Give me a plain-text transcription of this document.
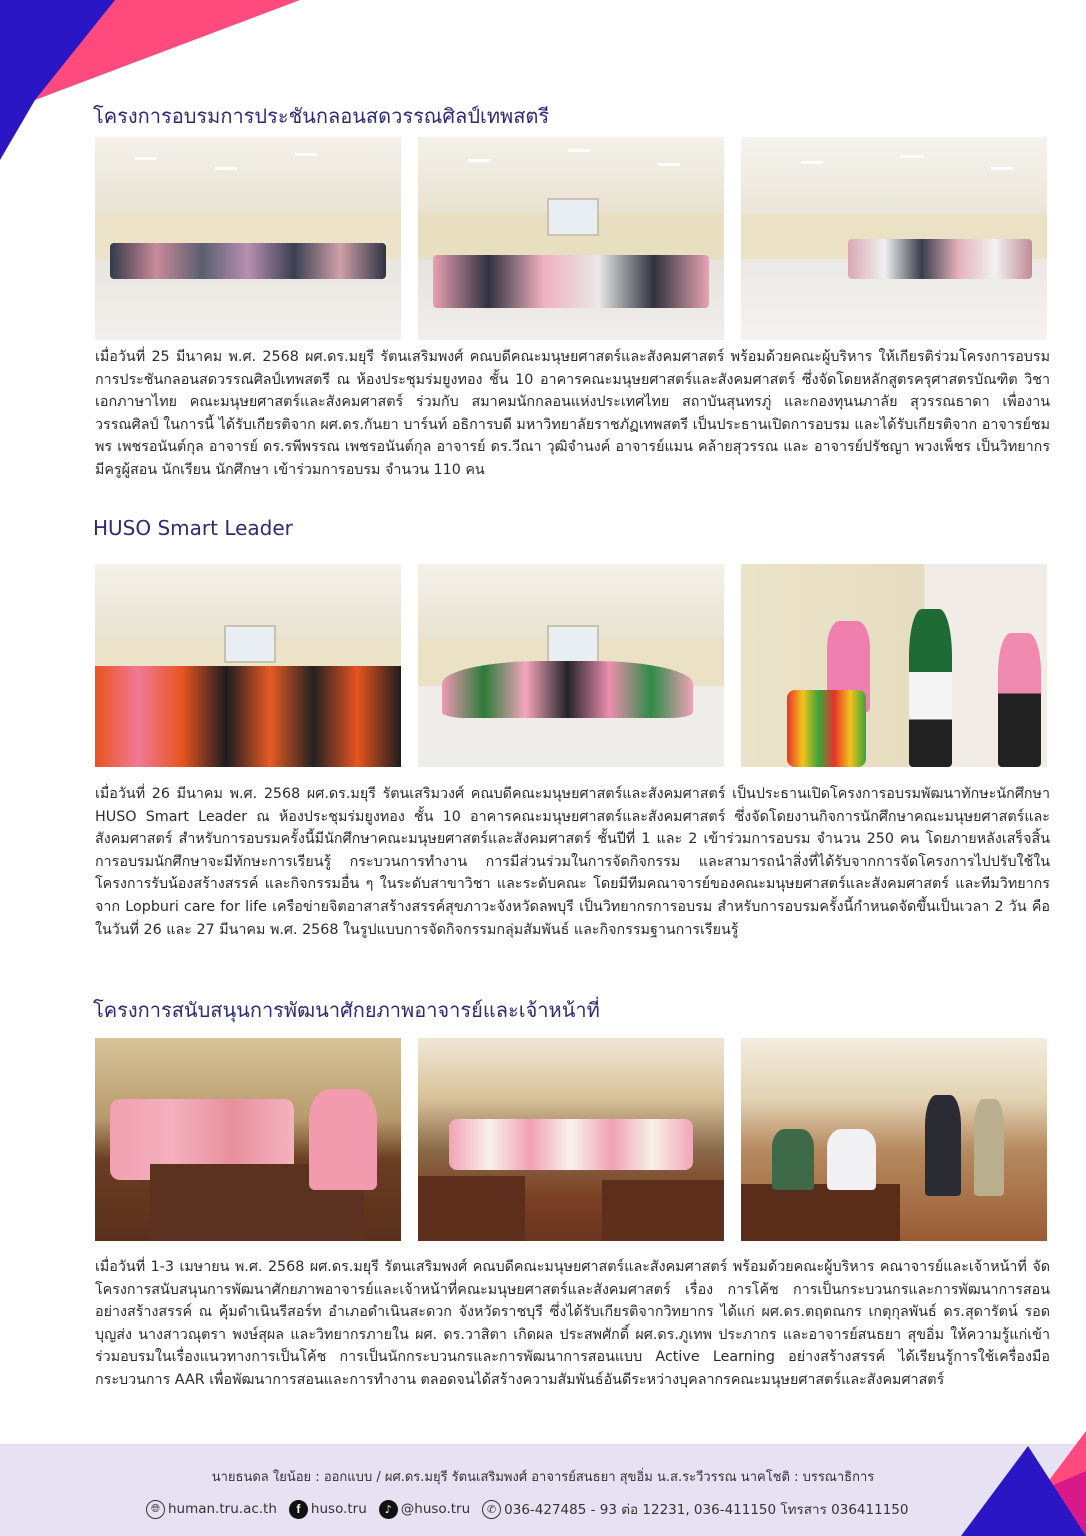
โครงการอบรมการประชันกลอนสดวรรณศิลป์เทพสตรี

เมื่อวันที่ 25 มีนาคม พ.ศ. 2568 ผศ.ดร.มยุรี รัตนเสริมพงศ์ คณบดีคณะมนุษยศาสตร์และสังคมศาสตร์ พร้อมด้วยคณะผู้บริหาร ให้เกียรติร่วมโครงการอบรมการประชันกลอนสดวรรณศิลป์เทพสตรี ณ ห้องประชุมร่มยูงทอง ชั้น 10 อาคารคณะมนุษยศาสตร์และสังคมศาสตร์ ซึ่งจัดโดยหลักสูตรครุศาสตรบัณฑิต วิชาเอกภาษาไทย คณะมนุษยศาสตร์และสังคมศาสตร์ ร่วมกับ สมาคมนักกลอนแห่งประเทศไทย สถาบันสุนทรภู่ และกองทุนนภาลัย สุวรรณธาดา เพื่องานวรรณศิลป์ ในการนี้ ได้รับเกียรติจาก ผศ.ดร.กันยา บาร์นท์ อธิการบดี มหาวิทยาลัยราชภัฏเทพสตรี เป็นประธานเปิดการอบรม และได้รับเกียรติจาก อาจารย์ชมพร เพชรอนันต์กุล อาจารย์ ดร.รพีพรรณ เพชรอนันต์กุล อาจารย์ ดร.วีณา วุฒิจำนงค์ อาจารย์แมน คล้ายสุวรรณ และ อาจารย์ปรัชญา พวงเพ็ชร เป็นวิทยากร มีครูผู้สอน นักเรียน นักศึกษา เข้าร่วมการอบรม จำนวน 110 คน

HUSO Smart Leader

เมื่อวันที่ 26 มีนาคม พ.ศ. 2568 ผศ.ดร.มยุรี รัตนเสริมวงศ์ คณบดีคณะมนุษยศาสตร์และสังคมศาสตร์ เป็นประธานเปิดโครงการอบรมพัฒนาทักษะนักศึกษา HUSO Smart Leader ณ ห้องประชุมร่มยูงทอง ชั้น 10 อาคารคณะมนุษยศาสตร์และสังคมศาสตร์ ซึ่งจัดโดยงานกิจการนักศึกษาคณะมนุษยศาสตร์และสังคมศาสตร์ สำหรับการอบรมครั้งนี้มีนักศึกษาคณะมนุษยศาสตร์และสังคมศาสตร์ ชั้นปีที่ 1 และ 2 เข้าร่วมการอบรม จำนวน 250 คน โดยภายหลังเสร็จสิ้นการอบรมนักศึกษาจะมีทักษะการเรียนรู้ กระบวนการทำงาน การมีส่วนร่วมในการจัดกิจกรรม และสามารถนำสิ่งที่ได้รับจากการจัดโครงการไปปรับใช้ในโครงการรับน้องสร้างสรรค์ และกิจกรรมอื่น ๆ ในระดับสาขาวิชา และระดับคณะ โดยมีทีมคณาจารย์ของคณะมนุษยศาสตร์และสังคมศาสตร์ และทีมวิทยากรจาก Lopburi care for life เครือข่ายจิตอาสาสร้างสรรค์สุขภาวะจังหวัดลพบุรี เป็นวิทยากรการอบรม สำหรับการอบรมครั้งนี้กำหนดจัดขึ้นเป็นเวลา 2 วัน คือในวันที่ 26 และ 27 มีนาคม พ.ศ. 2568 ในรูปแบบการจัดกิจกรรมกลุ่มสัมพันธ์ และกิจกรรมฐานการเรียนรู้

โครงการสนับสนุนการพัฒนาศักยภาพอาจารย์และเจ้าหน้าที่

เมื่อวันที่ 1-3 เมษายน พ.ศ. 2568 ผศ.ดร.มยุรี รัตนเสริมพงศ์ คณบดีคณะมนุษยศาสตร์และสังคมศาสตร์ พร้อมด้วยคณะผู้บริหาร คณาจารย์และเจ้าหน้าที่ จัดโครงการสนับสนุนการพัฒนาศักยภาพอาจารย์และเจ้าหน้าที่คณะมนุษยศาสตร์และสังคมศาสตร์ เรื่อง การโค้ช การเป็นกระบวนกรและการพัฒนาการสอนอย่างสร้างสรรค์ ณ คุ้มดำเนินรีสอร์ท อำเภอดำเนินสะดวก จังหวัดราชบุรี ซึ่งได้รับเกียรติจากวิทยากร ได้แก่ ผศ.ดร.ตฤตณกร เกตุกุลพันธ์ ดร.สุดารัตน์ รอดบุญส่ง นางสาวณุตรา พงษ์สุผล และวิทยากรภายใน ผศ. ดร.วาสิตา เกิดผล ประสพศักดิ์ ผศ.ดร.ภูเทพ ประภากร และอาจารย์สนธยา สุขอิ่ม ให้ความรู้แก่เข้าร่วมอบรมในเรื่องแนวทางการเป็นโค้ช การเป็นนักกระบวนกรและการพัฒนาการสอนแบบ Active Learning อย่างสร้างสรรค์ ได้เรียนรู้การใช้เครื่องมือ กระบวนการ AAR เพื่อพัฒนาการสอนและการทำงาน ตลอดจนได้สร้างความสัมพันธ์อันดีระหว่างบุคลากรคณะมนุษยศาสตร์และสังคมศาสตร์

นายธนดล ใยน้อย : ออกแบบ / ผศ.ดร.มยุรี รัตนเสริมพงศ์ อาจารย์สนธยา สุขอิ่ม น.ส.ระวีวรรณ นาคโชติ : บรรณาธิการ
🌐︎ human.tru.ac.th	f huso.tru	♪ @huso.tru	✆ 036-427485 - 93 ต่อ 12231, 036-411150 โทรสาร 036411150
